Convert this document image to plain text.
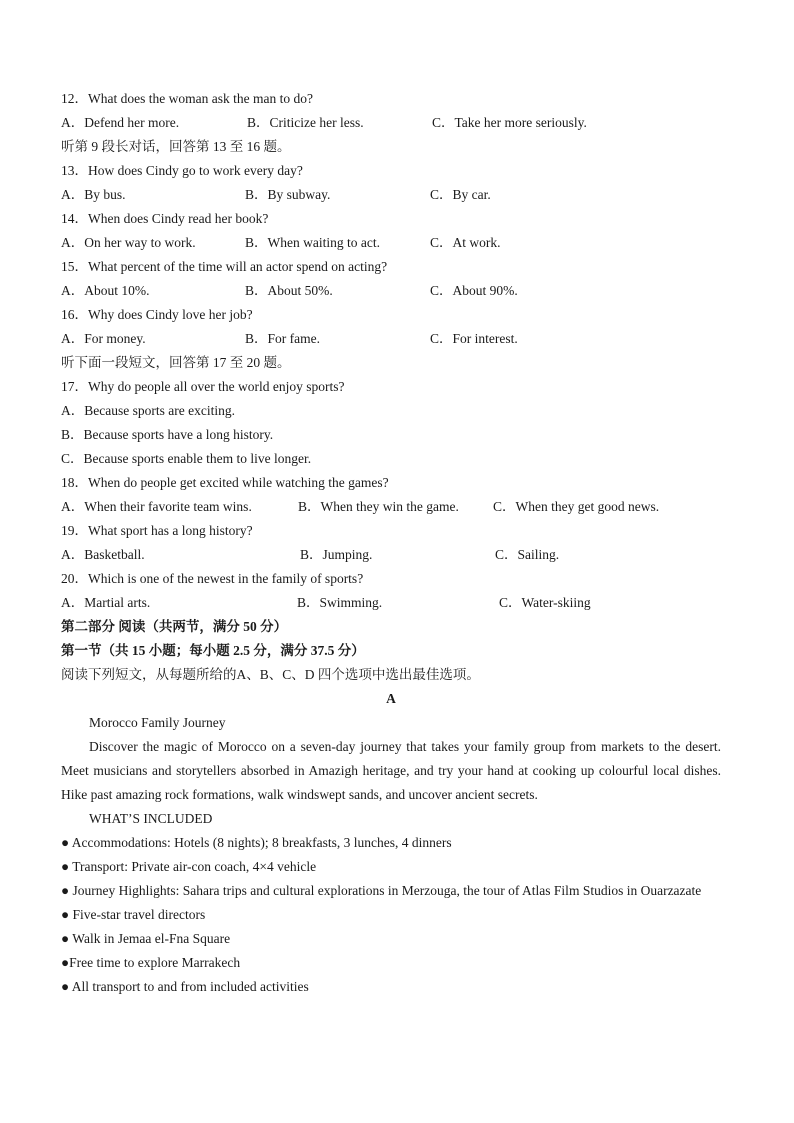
12．What does the woman ask the man to do?
A．Defend her more.	B．Criticize her less.	C．Take her more seriously.
听第 9 段长对话，回答第 13 至 16 题。
13．How does Cindy go to work every day?
A．By bus.	B．By subway.	C．By car.
14．When does Cindy read her book?
A．On her way to work.	B．When waiting to act.	C．At work.
15．What percent of the time will an actor spend on acting?
A．About 10%.	B．About 50%.	C．About 90%.
16．Why does Cindy love her job?
A．For money.	B．For fame.	C．For interest.
听下面一段短文，回答第 17 至 20 题。
17．Why do people all over the world enjoy sports?
A．Because sports are exciting.
B．Because sports have a long history.
C．Because sports enable them to live longer.
18．When do people get excited while watching the games?
A．When their favorite team wins.	B．When they win the game.	C．When they get good news.
19．What sport has a long history?
A．Basketball.	B．Jumping.	C．Sailing.
20．Which is one of the newest in the family of sports?
A．Martial arts.	B．Swimming.	C．Water-skiing
第二部分 阅读（共两节，满分 50 分）
第一节（共 15 小题；每小题 2.5 分，满分 37.5 分）
阅读下列短文，从每题所给的A、B、C、D 四个选项中选出最佳选项。
A
Morocco Family Journey
Discover the magic of Morocco on a seven-day journey that takes your family group from markets to the desert. Meet musicians and storytellers absorbed in Amazigh heritage, and try your hand at cooking up colourful local dishes. Hike past amazing rock formations, walk windswept sands, and uncover ancient secrets.
WHAT’S INCLUDED
● Accommodations: Hotels (8 nights); 8 breakfasts, 3 lunches, 4 dinners
● Transport: Private air-con coach, 4×4 vehicle
● Journey Highlights: Sahara trips and cultural explorations in Merzouga, the tour of Atlas Film Studios in Ouarzazate
● Five-star travel directors
● Walk in Jemaa el-Fna Square
●Free time to explore Marrakech
● All transport to and from included activities
